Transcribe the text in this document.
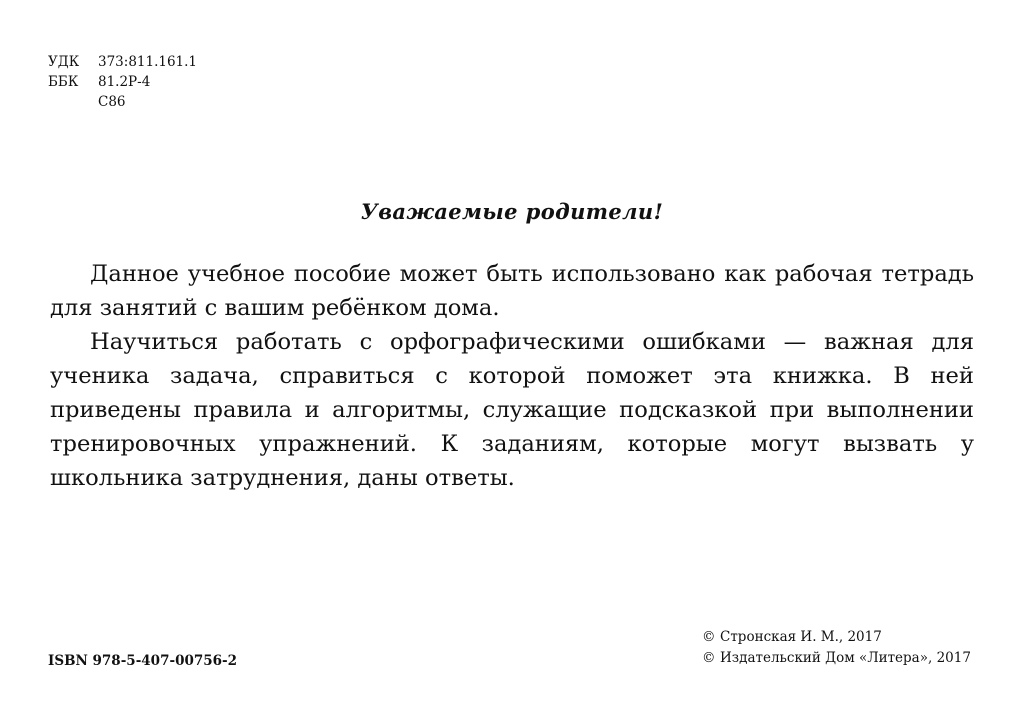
УДК	373:811.161.1
ББК	81.2Р-4
С86
Уважаемые родители!

Данное учебное пособие может быть использовано как рабочая тетрадь для занятий с вашим ребёнком дома.

Научиться работать с орфографическими ошибками — важная для ученика задача, справиться с которой поможет эта книжка. В ней приведены правила и алгоритмы, служащие подсказкой при выполнении тренировочных упражнений. К заданиям, которые могут вызвать у школьника затруднения, даны ответы.

ISBN 978-5-407-00756-2
© Стронская И. М., 2017
© Издательский Дом «Литера», 2017
